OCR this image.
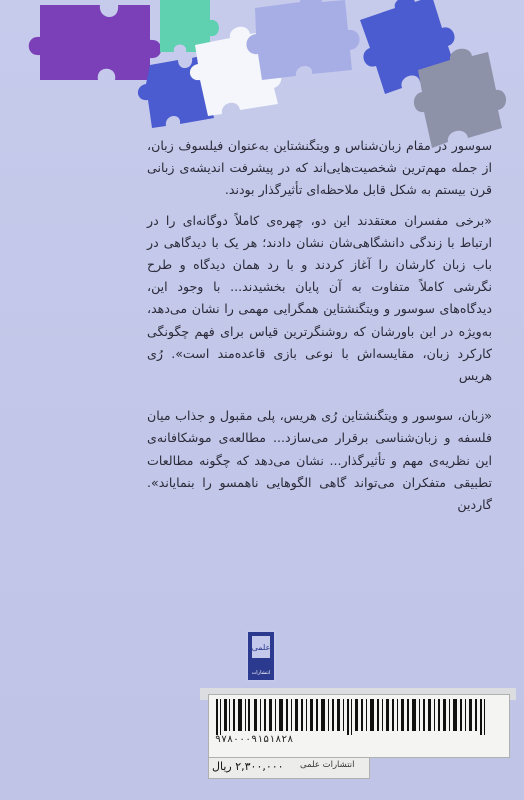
سوسور در مقام زبان‌شناس و ویتگنشتاین به‌عنوان فیلسوف زبان، از جمله مهم‌ترین شخصیت‌هایی‌اند که در پیشرفت اندیشه‌ی زبانی قرن بیستم به شکل قابل ملاحظه‌ای تأثیرگذار بودند.

«برخی مفسران معتقدند این دو، چهره‌ی کاملاً دوگانه‌ای را در ارتباط با زندگی دانشگاهی‌شان نشان دادند؛ هر یک با دیدگاهی در باب زبان کارشان را آغاز کردند و با رد همان دیدگاه و طرح نگرشی کاملاً متفاوت به آن پایان بخشیدند... با وجود این، دیدگاه‌های سوسور و ویتگنشتاین همگرایی مهمی را نشان می‌دهد، به‌ویژه در این باورشان که روشنگرترین قیاس برای فهم چگونگی کارکرد زبان، مقایسه‌اش با نوعی بازی قاعده‌مند است». رُی هریس

«زبان، سوسور و ویتگنشتاین رُی هریس، پلی مقبول و جذاب میان فلسفه و زبان‌شناسی برقرار می‌سازد... مطالعه‌ی موشکافانه‌ی این نظریه‌ی مهم و تأثیرگذار... نشان می‌دهد که چگونه مطالعات تطبیقی متفکران می‌تواند گاهی الگوهایی ناهمسو را بنمایاند». گاردین

علمی
انتشارات
۹۷۸۰۰۰۹۱۵۱۸۲۸
۲,۳۰۰,۰۰۰ ریال انتشارات علمی
